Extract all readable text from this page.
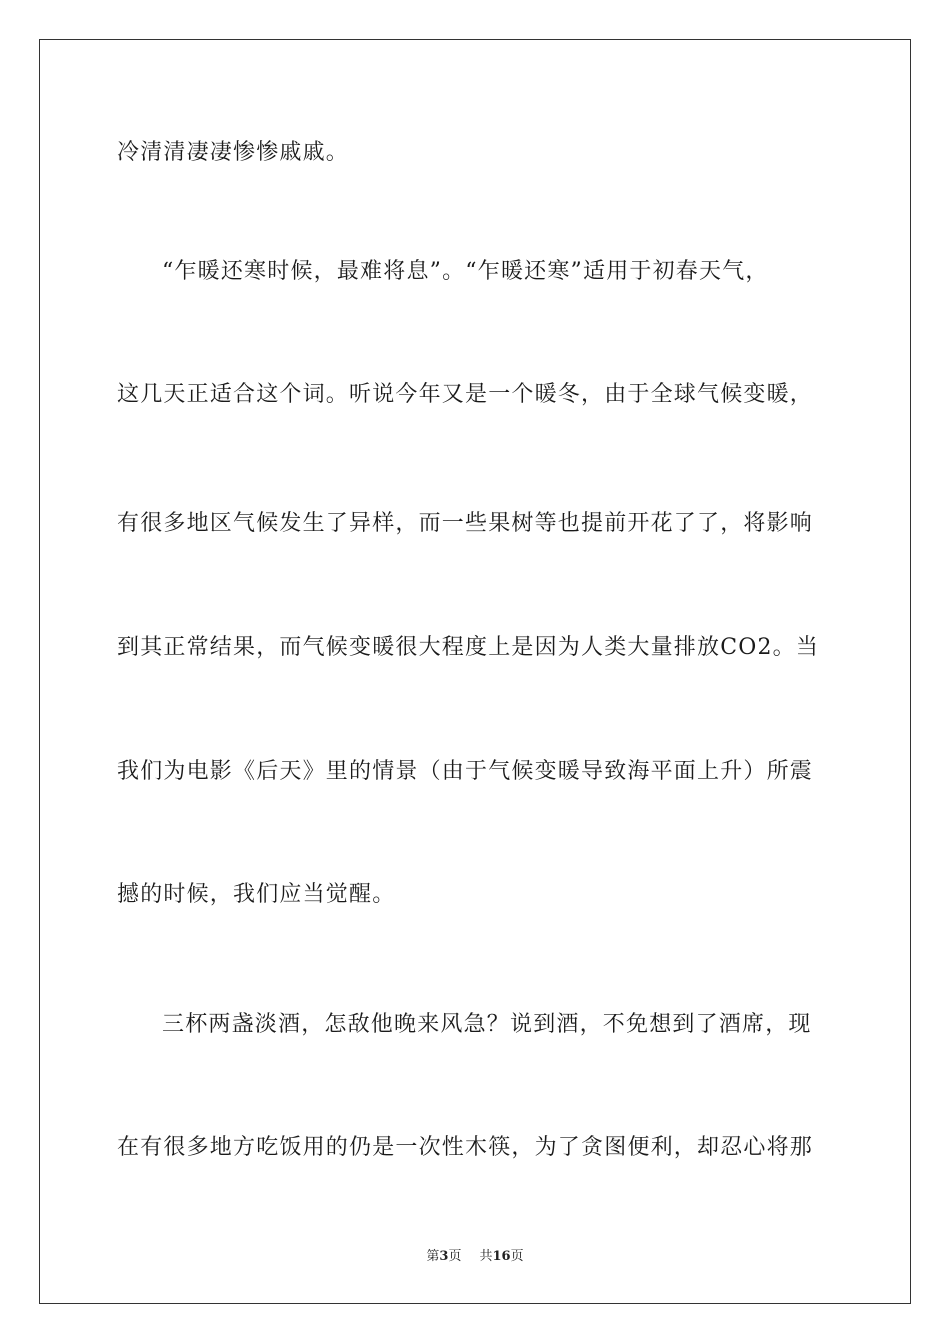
冷清清凄凄惨惨戚戚。
“乍暖还寒时候，最难将息”。“乍暖还寒”适用于初春天气，
这几天正适合这个词。听说今年又是一个暖冬，由于全球气候变暖，
有很多地区气候发生了异样，而一些果树等也提前开花了了，将影响
到其正常结果，而气候变暖很大程度上是因为人类大量排放CO2。当
我们为电影《后天》里的情景（由于气候变暖导致海平面上升）所震
撼的时候，我们应当觉醒。
三杯两盏淡酒，怎敌他晚来风急？说到酒，不免想到了酒席，现
在有很多地方吃饭用的仍是一次性木筷，为了贪图便利，却忍心将那
第3页 共16页
